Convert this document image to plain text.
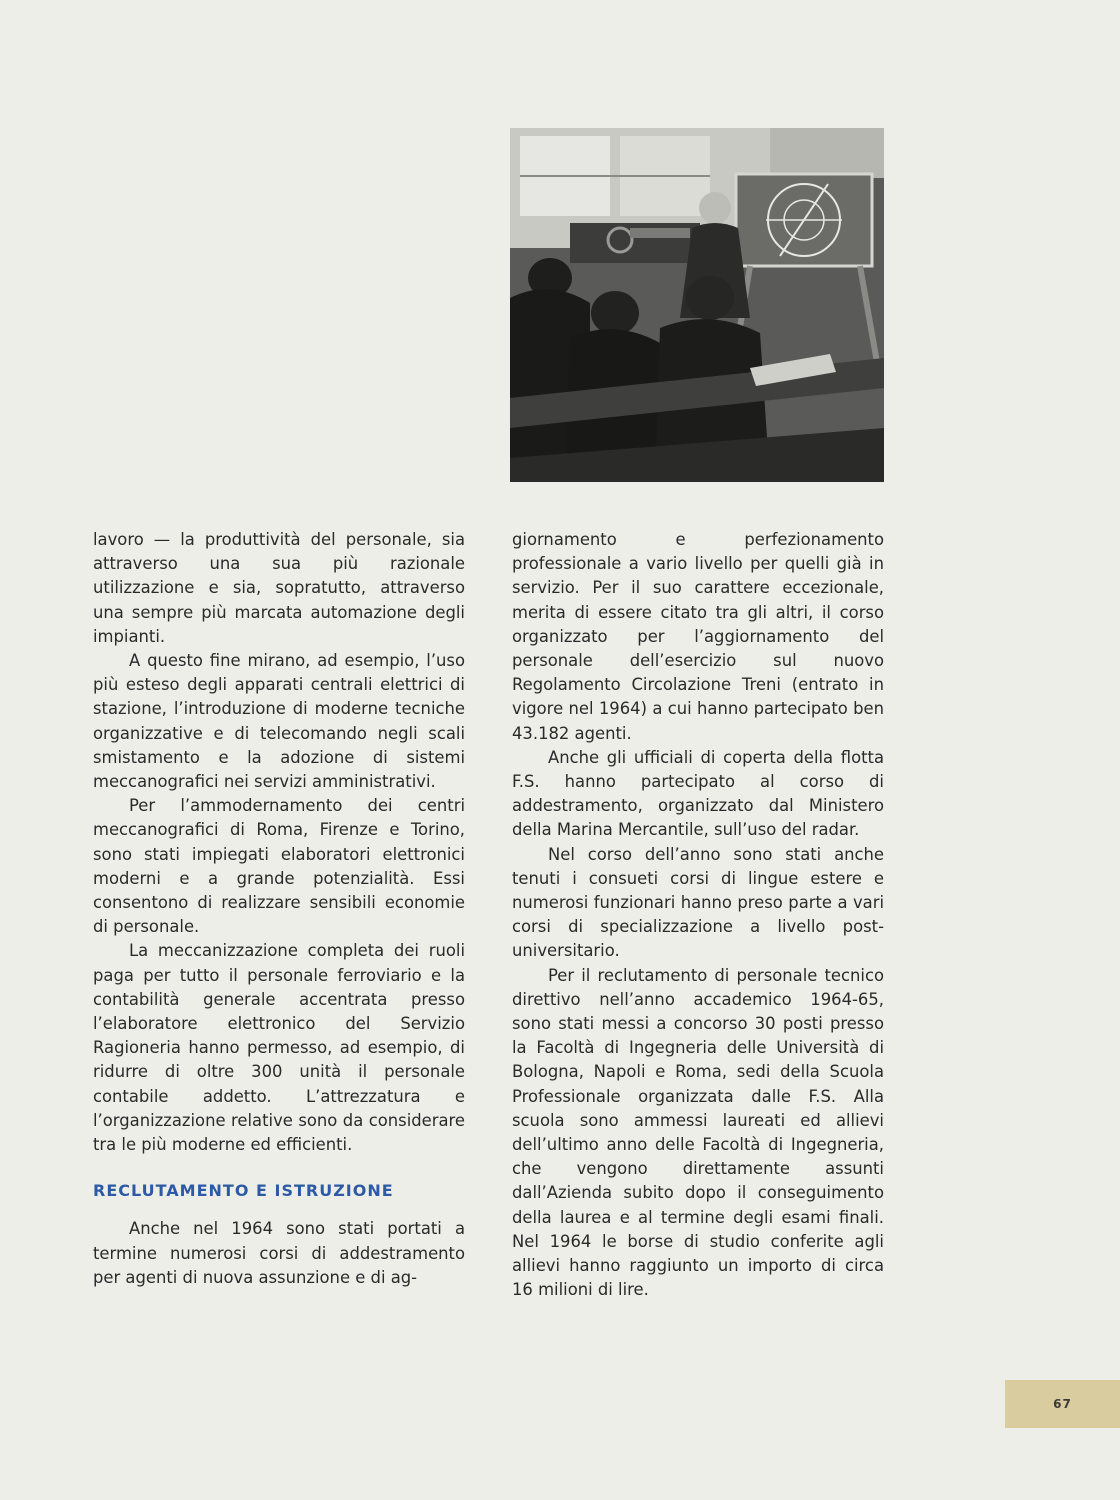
lavoro — la produttività del personale, sia attraverso una sua più razionale utilizzazione e sia, sopratutto, attraverso una sempre più marcata automazione degli impianti.

A questo fine mirano, ad esempio, l’uso più esteso degli apparati centrali elettrici di stazione, l’introduzione di moderne tecniche organizzative e di telecomando negli scali smistamento e la adozione di sistemi meccanografici nei servizi amministrativi.

Per l’ammodernamento dei centri meccanografici di Roma, Firenze e Torino, sono stati impiegati elaboratori elettronici moderni e a grande potenzialità. Essi consentono di realizzare sensibili economie di personale.

La meccanizzazione completa dei ruoli paga per tutto il personale ferroviario e la contabilità generale accentrata presso l’elaboratore elettronico del Servizio Ragioneria hanno permesso, ad esempio, di ridurre di oltre 300 unità il personale contabile addetto. L’attrezzatura e l’organizzazione relative sono da considerare tra le più moderne ed efficienti.

RECLUTAMENTO E ISTRUZIONE

Anche nel 1964 sono stati portati a termine numerosi corsi di addestramento per agenti di nuova assunzione e di ag-

giornamento e perfezionamento professionale a vario livello per quelli già in servizio. Per il suo carattere eccezionale, merita di essere citato tra gli altri, il corso organizzato per l’aggiornamento del personale dell’esercizio sul nuovo Regolamento Circolazione Treni (entrato in vigore nel 1964) a cui hanno partecipato ben 43.182 agenti.

Anche gli ufficiali di coperta della flotta F.S. hanno partecipato al corso di addestramento, organizzato dal Ministero della Marina Mercantile, sull’uso del radar.

Nel corso dell’anno sono stati anche tenuti i consueti corsi di lingue estere e numerosi funzionari hanno preso parte a vari corsi di specializzazione a livello post-universitario.

Per il reclutamento di personale tecnico direttivo nell’anno accademico 1964-65, sono stati messi a concorso 30 posti presso la Facoltà di Ingegneria delle Università di Bologna, Napoli e Roma, sedi della Scuola Professionale organizzata dalle F.S. Alla scuola sono ammessi laureati ed allievi dell’ultimo anno delle Facoltà di Ingegneria, che vengono direttamente assunti dall’Azienda subito dopo il conseguimento della laurea e al termine degli esami finali. Nel 1964 le borse di studio conferite agli allievi hanno raggiunto un importo di circa 16 milioni di lire.

67
